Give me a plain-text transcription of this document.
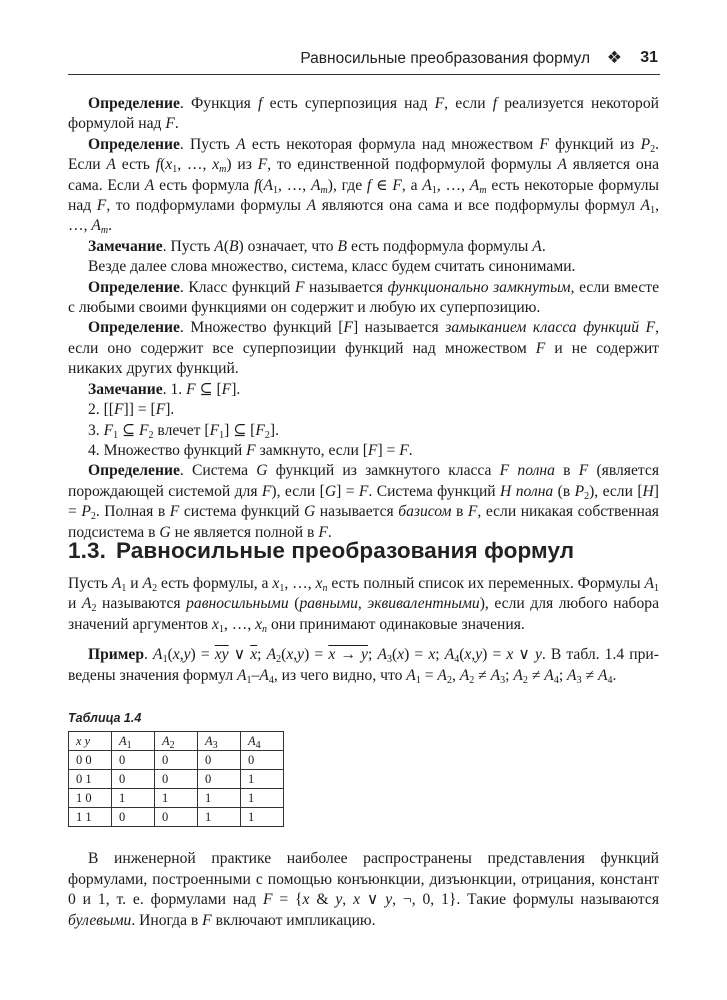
Равносильные преобразования формул ❖ 31

Определение. Функция f есть суперпозиция над F, если f реализуется некоторой формулой над F.

Определение. Пусть A есть некоторая формула над множеством F функций из $P_2$. Если A есть $f(x_1$, …, $x_m$) из F, то единственной подформулой формулы A является она сама. Если A есть формула $f(A_1$, …, $A_m$), где f ∈ F, а $A_1$, …, $A_m$ есть некоторые формулы над F, то подформулами формулы A являются она сама и все подформулы формул $A_1$, …, $A_m$.

Замечание. Пусть A(B) означает, что B есть подформула формулы A.

Везде далее слова множество, система, класс будем считать синонимами.

Определение. Класс функций F называется функционально замкнутым, если вместе с любыми своими функциями он содержит и любую их суперпозицию.

Определение. Множество функций [F] называется замыканием класса функций F, если оно содержит все суперпозиции функций над множеством F и не содержит никаких других функций.

Замечание. 1. F ⊆ [F].

2. [[F]] = [F].

3. $F_1$ ⊆ $F_2$ влечет $[F_1]$ ⊆ $[F_2]$.

4. Множество функций F замкнуто, если [F] = F.

Определение. Система G функций из замкнутого класса F полна в F (является порождающей системой для F), если [G] = F. Система функций H полна (в $P_2$), если $[H] = P_2$. Полная в F система функций G называется базисом в F, если никакая собственная подсистема в G не является полной в F.

1.3. Равносильные преобразования формул

Пусть $A_1$ и $A_2$ есть формулы, а $x_1$, …, $x_n$ есть полный список их переменных. Формулы $A_1$ и $A_2$ называются равносильными (равными, эквивалентными), если для любого набора значений аргументов $x_1$, …, $x_n$ они принимают одинаковые значения.

Пример. $A_1(x,y) = \overline{xy}$ ∨ $\overline{x}$; $A_2(x,y) = x \to y$; $A_3(x) = x$; $A_4(x,y) = x$ ∨ y. В табл. 1.4 приведены значения формул $A_1-A_4$, из чего видно, что $A_1 = A_2$, $A_2 \ne A_3$; $A_2 \ne A_4$; $A_3 \ne A_4$.

Таблица 1.4
x y	$A_1$	$A_2$	$A_3$	$A_4$
0 0	0	0	0	0
0 1	0	0	0	1
1 0	1	1	1	1
1 1	0	0	1	1

В инженерной практике наиболее распространены представления функций формулами, построенными с помощью конъюнкции, дизъюнкции, отрицания, констант 0 и 1, т. е. формулами над F = {x & y, x ∨ y, ¬, 0, 1}. Такие формулы называются булевыми. Иногда в F включают импликацию.
